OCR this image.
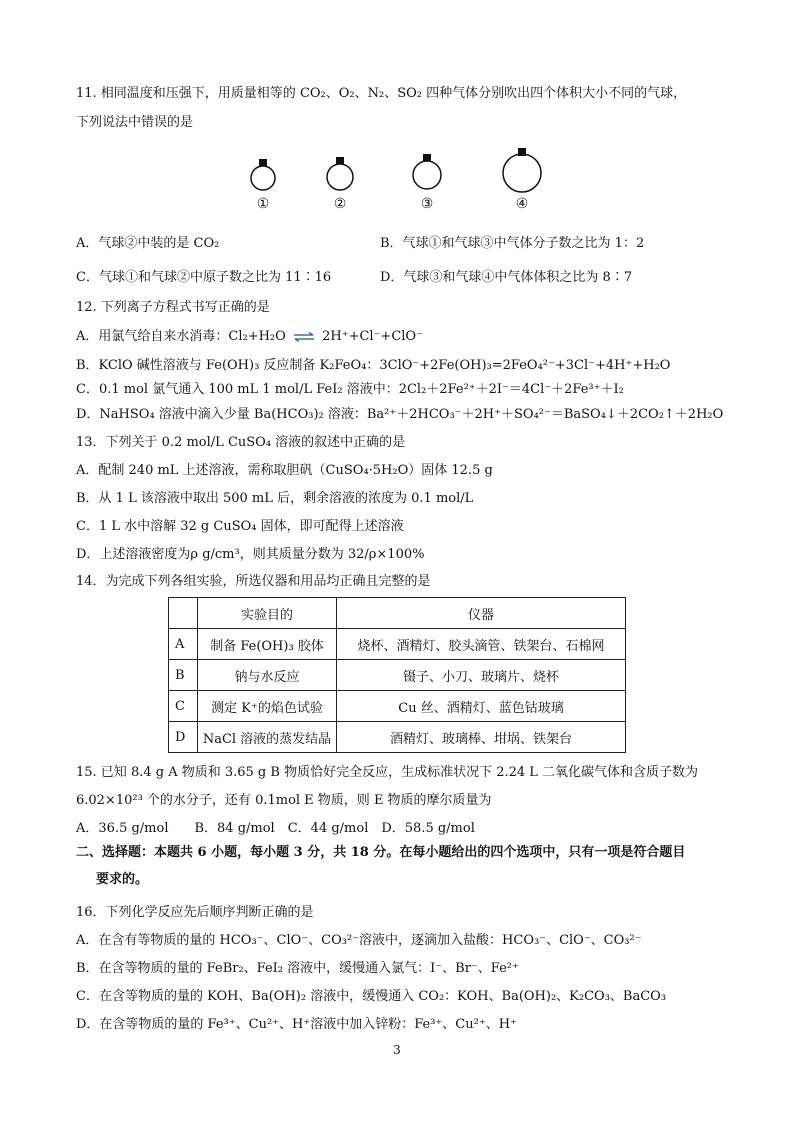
11. 相同温度和压强下，用质量相等的 CO₂、O₂、N₂、SO₂ 四种气体分别吹出四个体积大小不同的气球，
下列说法中错误的是
①	②	③	④
A．气球②中装的是 CO₂	B．气球①和气球③中气体分子数之比为 1：2
C．气球①和气球②中原子数之比为 11∶16	D．气球③和气球④中气体体积之比为 8∶7
12. 下列离子方程式书写正确的是
A．用氯气给自来水消毒：Cl₂+H₂O ⇌ 2H⁺+Cl⁻+ClO⁻
B．KClO 碱性溶液与 Fe(OH)₃ 反应制备 K₂FeO₄：3ClO⁻+2Fe(OH)₃=2FeO₄²⁻+3Cl⁻+4H⁺+H₂O
C．0.1 mol 氯气通入 100 mL 1 mol/L FeI₂ 溶液中：2Cl₂＋2Fe²⁺＋2I⁻＝4Cl⁻＋2Fe³⁺＋I₂
D．NaHSO₄ 溶液中滴入少量 Ba(HCO₃)₂ 溶液：Ba²⁺＋2HCO₃⁻＋2H⁺＋SO₄²⁻＝BaSO₄↓＋2CO₂↑＋2H₂O
13．下列关于 0.2 mol/L CuSO₄ 溶液的叙述中正确的是
A．配制 240 mL 上述溶液，需称取胆矾（CuSO₄·5H₂O）固体 12.5 g
B．从 1 L 该溶液中取出 500 mL 后，剩余溶液的浓度为 0.1 mol/L
C．1 L 水中溶解 32 g CuSO₄ 固体，即可配得上述溶液
D．上述溶液密度为ρ g/cm³，则其质量分数为 32/ρ×100%
14．为完成下列各组实验，所选仪器和用品均正确且完整的是
	实验目的	仪器
A	制备 Fe(OH)₃ 胶体	烧杯、酒精灯、胶头滴管、铁架台、石棉网
B	钠与水反应	镊子、小刀、玻璃片、烧杯
C	测定 K⁺的焰色试验	Cu 丝、酒精灯、蓝色钴玻璃
D	NaCl 溶液的蒸发结晶	酒精灯、玻璃棒、坩埚、铁架台
15. 已知 8.4 g A 物质和 3.65 g B 物质恰好完全反应，生成标准状况下 2.24 L 二氧化碳气体和含质子数为
6.02×10²³ 个的水分子，还有 0.1mol E 物质，则 E 物质的摩尔质量为
A．36.5 g/mol　　B．84 g/mol　C．44 g/mol　D．58.5 g/mol
二、选择题：本题共 6 小题，每小题 3 分，共 18 分。在每小题给出的四个选项中，只有一项是符合题目
要求的。
16．下列化学反应先后顺序判断正确的是
A．在含有等物质的量的 HCO₃⁻、ClO⁻、CO₃²⁻溶液中，逐滴加入盐酸：HCO₃⁻、ClO⁻、CO₃²⁻
B．在含等物质的量的 FeBr₂、FeI₂ 溶液中，缓慢通入氯气：I⁻、Br⁻、Fe²⁺
C．在含等物质的量的 KOH、Ba(OH)₂ 溶液中，缓慢通入 CO₂：KOH、Ba(OH)₂、K₂CO₃、BaCO₃
D．在含等物质的量的 Fe³⁺、Cu²⁺、H⁺溶液中加入锌粉：Fe³⁺、Cu²⁺、H⁺
3
